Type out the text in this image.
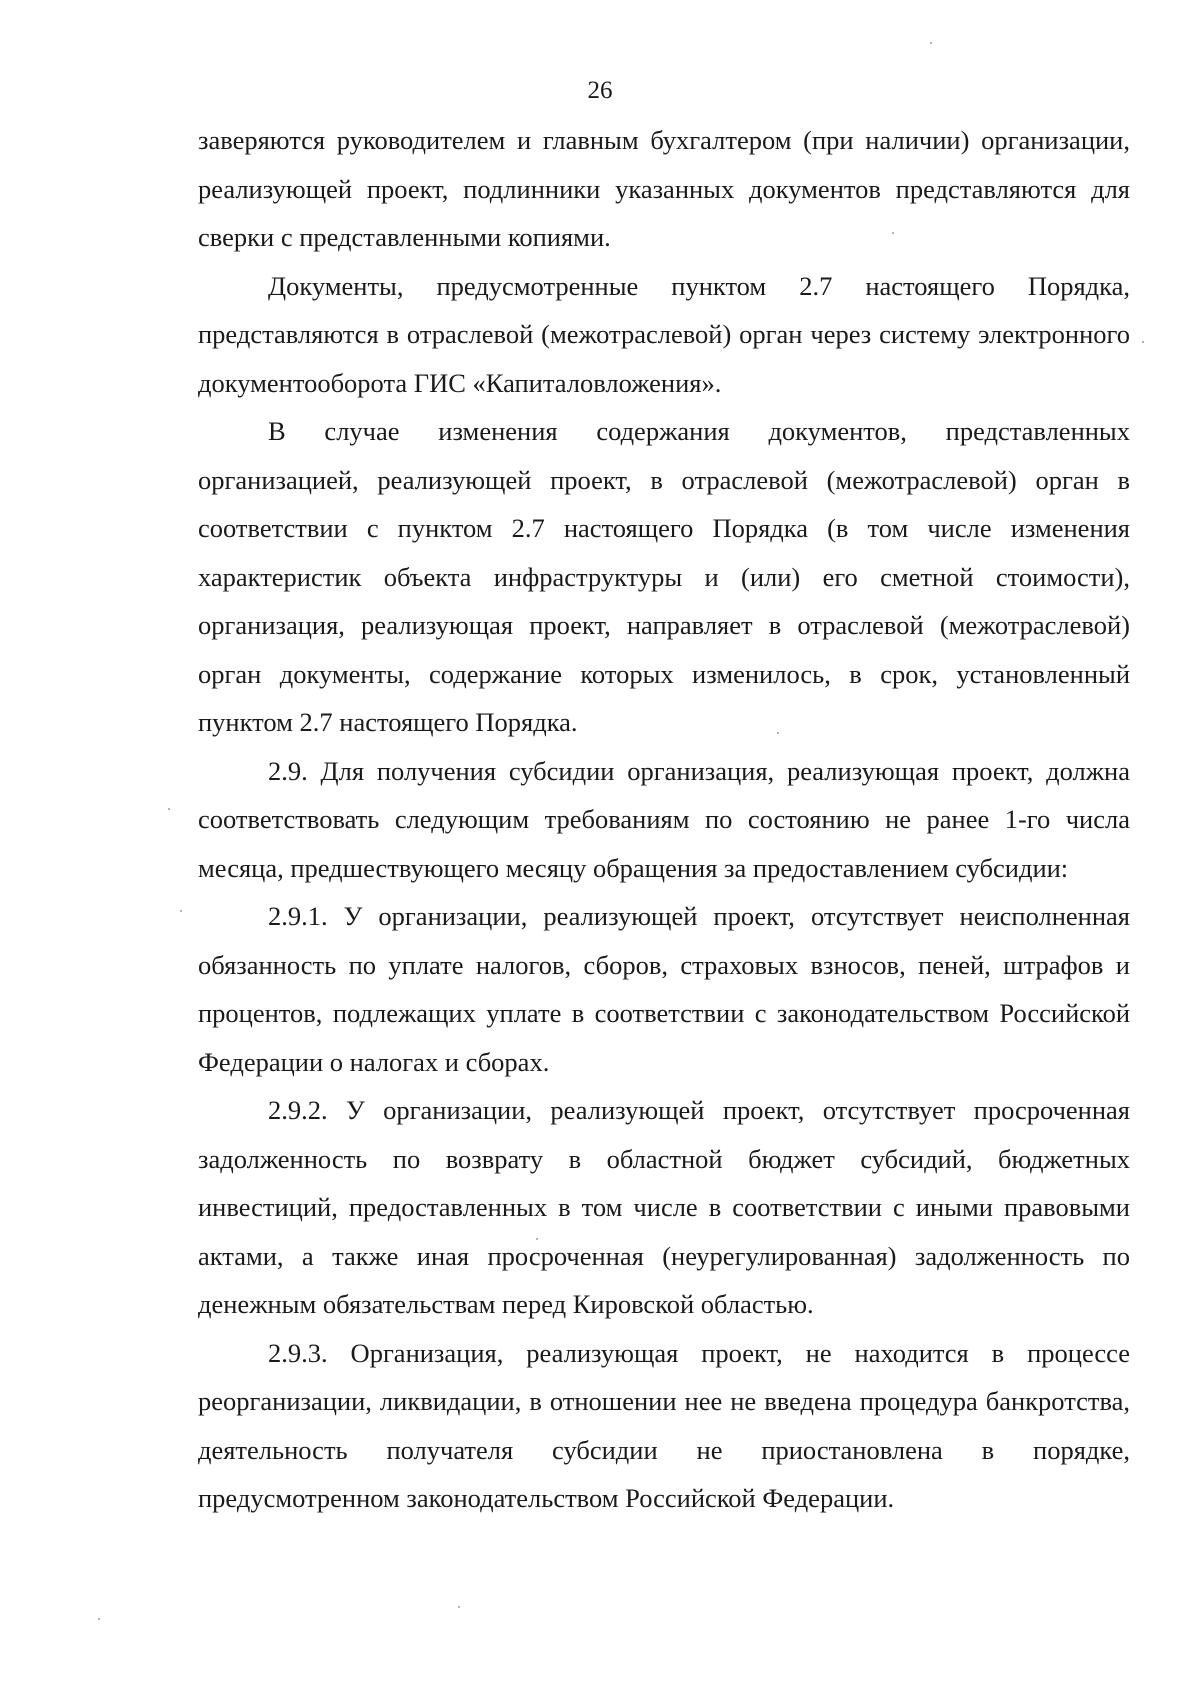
26

заверяются руководителем и главным бухгалтером (при наличии) организации, реализующей проект, подлинники указанных документов представляются для сверки с представленными копиями.

Документы, предусмотренные пунктом 2.7 настоящего Порядка, представляются в отраслевой (межотраслевой) орган через систему электронного документооборота ГИС «Капиталовложения».

В случае изменения содержания документов, представленных организацией, реализующей проект, в отраслевой (межотраслевой) орган в соответствии с пунктом 2.7 настоящего Порядка (в том числе изменения характеристик объекта инфраструктуры и (или) его сметной стоимости), организация, реализующая проект, направляет в отраслевой (межотраслевой) орган документы, содержание которых изменилось, в срок, установленный пунктом 2.7 настоящего Порядка.

2.9. Для получения субсидии организация, реализующая проект, должна соответствовать следующим требованиям по состоянию не ранее 1-го числа месяца, предшествующего месяцу обращения за предоставлением субсидии:

2.9.1. У организации, реализующей проект, отсутствует неисполненная обязанность по уплате налогов, сборов, страховых взносов, пеней, штрафов и процентов, подлежащих уплате в соответствии с законодательством Российской Федерации о налогах и сборах.

2.9.2. У организации, реализующей проект, отсутствует просроченная задолженность по возврату в областной бюджет субсидий, бюджетных инвестиций, предоставленных в том числе в соответствии с иными правовыми актами, а также иная просроченная (неурегулированная) задолженность по денежным обязательствам перед Кировской областью.

2.9.3. Организация, реализующая проект, не находится в процессе реорганизации, ликвидации, в отношении нее не введена процедура банкротства, деятельность получателя субсидии не приостановлена в порядке, предусмотренном законодательством Российской Федерации.
